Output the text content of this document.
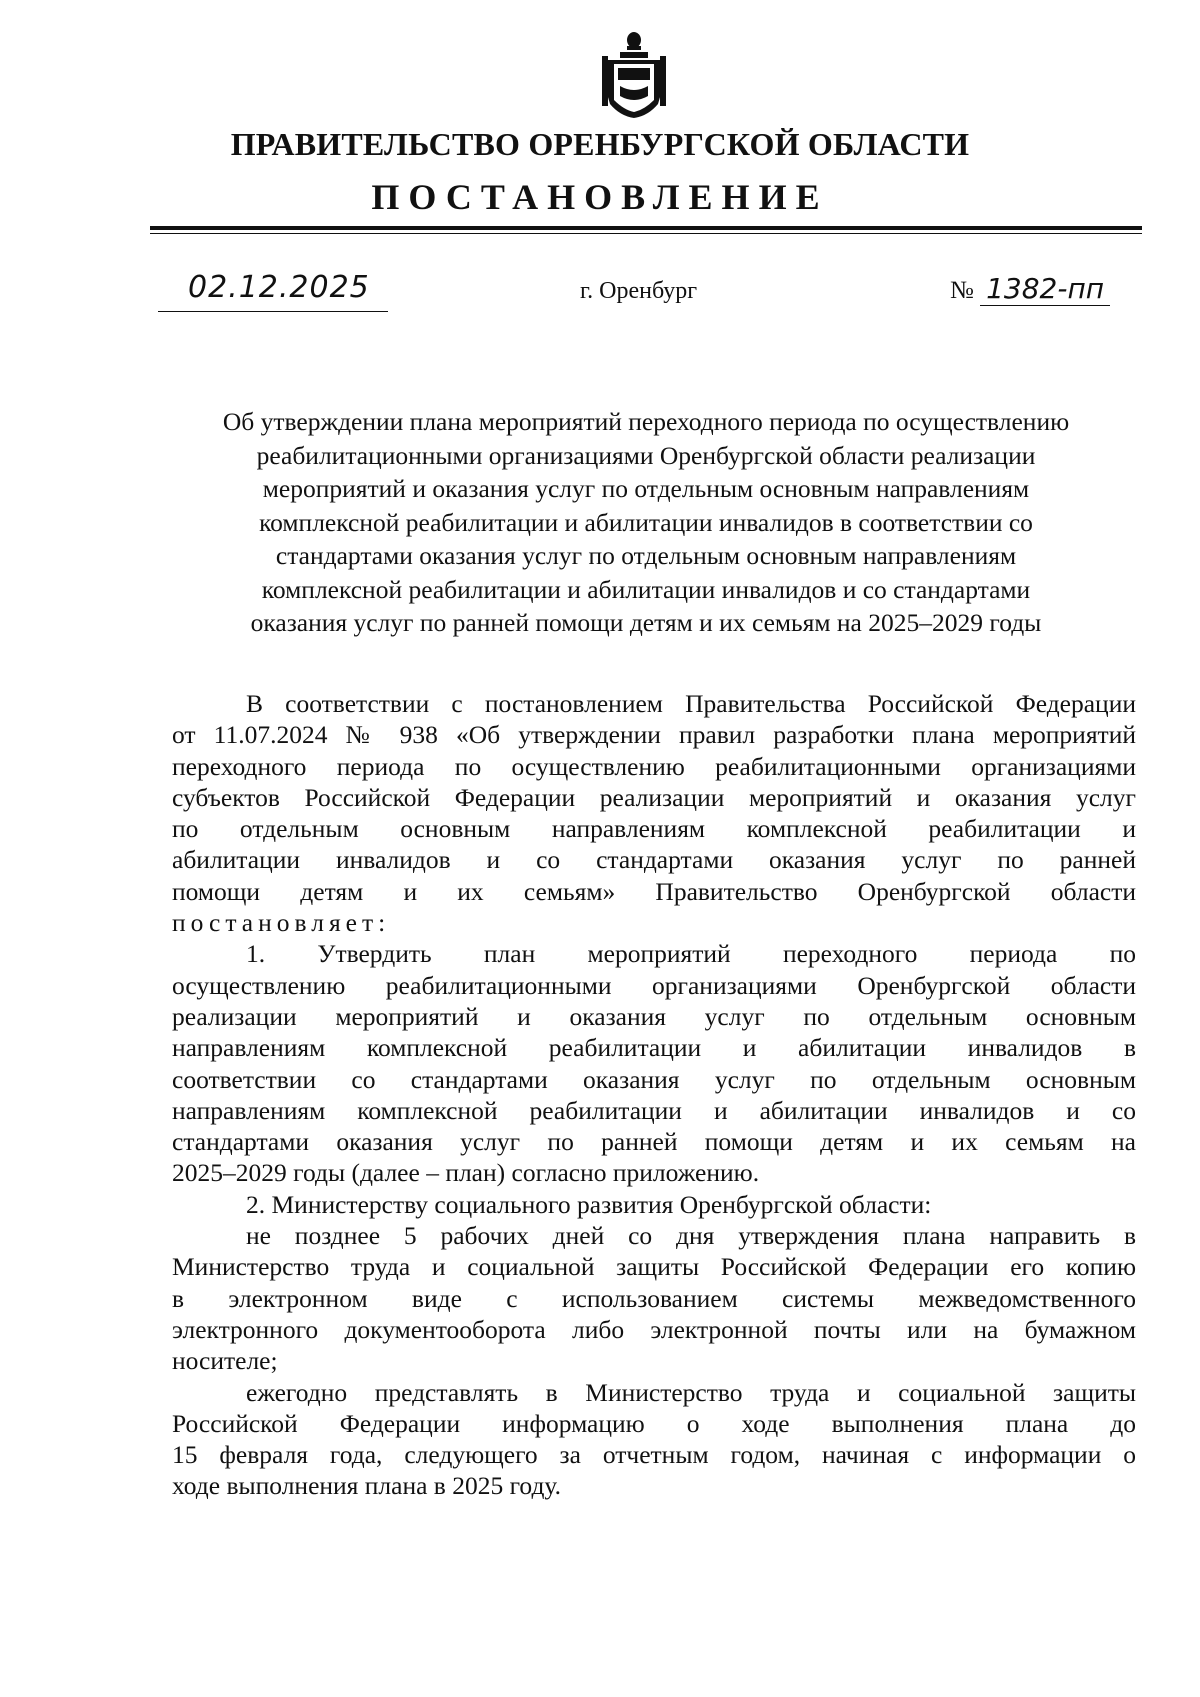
ПРАВИТЕЛЬСТВО ОРЕНБУРГСКОЙ ОБЛАСТИ
ПОСТАНОВЛЕНИЕ
02.12.2025	г. Оренбург	№ 1382-пп
Об утверждении плана мероприятий переходного периода по осуществлению
реабилитационными организациями Оренбургской области реализации
мероприятий и оказания услуг по отдельным основным направлениям
комплексной реабилитации и абилитации инвалидов в соответствии со
стандартами оказания услуг по отдельным основным направлениям
комплексной реабилитации и абилитации инвалидов и со стандартами
оказания услуг по ранней помощи детям и их семьям на 2025–2029 годы
В соответствии с постановлением Правительства Российской Федерации
от 11.07.2024 № 938 «Об утверждении правил разработки плана мероприятий
переходного периода по осуществлению реабилитационными организациями
субъектов Российской Федерации реализации мероприятий и оказания услуг
по отдельным основным направлениям комплексной реабилитации и
абилитации инвалидов и со стандартами оказания услуг по ранней
помощи детям и их семьям» Правительство Оренбургской области
постановляет:
1. Утвердить план мероприятий переходного периода по
осуществлению реабилитационными организациями Оренбургской области
реализации мероприятий и оказания услуг по отдельным основным
направлениям комплексной реабилитации и абилитации инвалидов в
соответствии со стандартами оказания услуг по отдельным основным
направлениям комплексной реабилитации и абилитации инвалидов и со
стандартами оказания услуг по ранней помощи детям и их семьям на
2025–2029 годы (далее – план) согласно приложению.
2. Министерству социального развития Оренбургской области:
не позднее 5 рабочих дней со дня утверждения плана направить в
Министерство труда и социальной защиты Российской Федерации его копию
в электронном виде с использованием системы межведомственного
электронного документооборота либо электронной почты или на бумажном
носителе;
ежегодно представлять в Министерство труда и социальной защиты
Российской Федерации информацию о ходе выполнения плана до
15 февраля года, следующего за отчетным годом, начиная с информации о
ходе выполнения плана в 2025 году.
